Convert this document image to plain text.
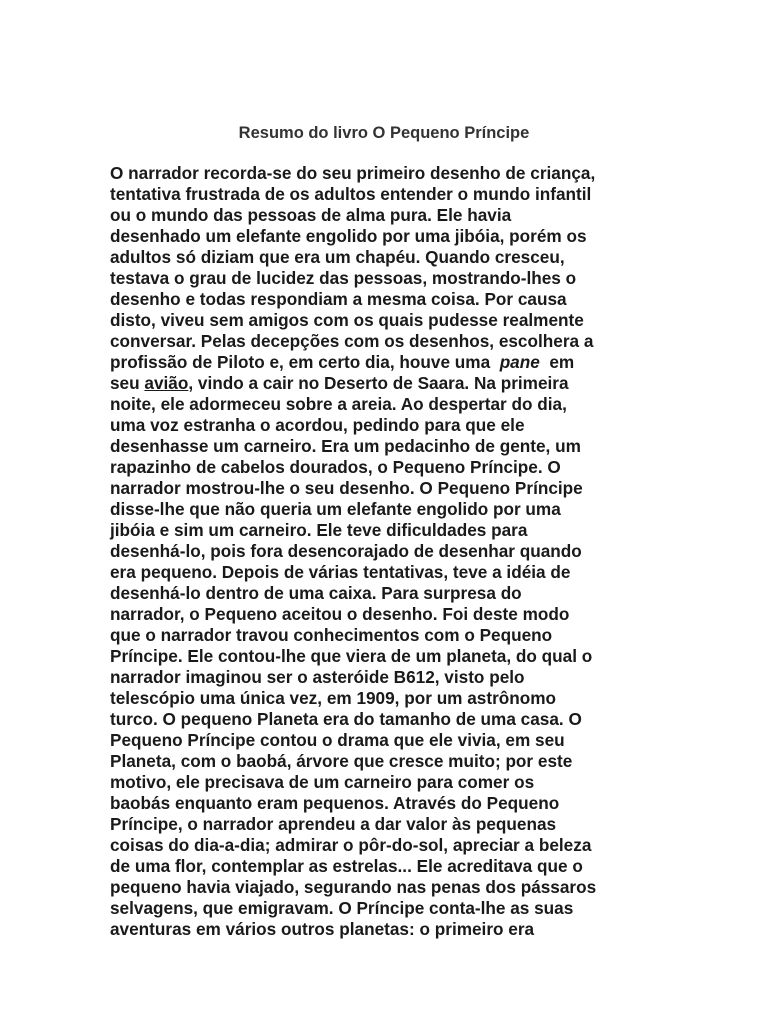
Resumo do livro O Pequeno Príncipe
O narrador recorda-se do seu primeiro desenho de criança,
tentativa frustrada de os adultos entender o mundo infantil
ou o mundo das pessoas de alma pura. Ele havia
desenhado um elefante engolido por uma jibóia, porém os
adultos só diziam que era um chapéu. Quando cresceu,
testava o grau de lucidez das pessoas, mostrando-lhes o
desenho e todas respondiam a mesma coisa. Por causa
disto, viveu sem amigos com os quais pudesse realmente
conversar. Pelas decepções com os desenhos, escolhera a
profissão de Piloto e, em certo dia, houve uma  pane  em
seu avião, vindo a cair no Deserto de Saara. Na primeira
noite, ele adormeceu sobre a areia. Ao despertar do dia,
uma voz estranha o acordou, pedindo para que ele
desenhasse um carneiro. Era um pedacinho de gente, um
rapazinho de cabelos dourados, o Pequeno Príncipe. O
narrador mostrou-lhe o seu desenho. O Pequeno Príncipe
disse-lhe que não queria um elefante engolido por uma
jibóia e sim um carneiro. Ele teve dificuldades para
desenhá-lo, pois fora desencorajado de desenhar quando
era pequeno. Depois de várias tentativas, teve a idéia de
desenhá-lo dentro de uma caixa. Para surpresa do
narrador, o Pequeno aceitou o desenho. Foi deste modo
que o narrador travou conhecimentos com o Pequeno
Príncipe. Ele contou-lhe que viera de um planeta, do qual o
narrador imaginou ser o asteróide B612, visto pelo
telescópio uma única vez, em 1909, por um astrônomo
turco. O pequeno Planeta era do tamanho de uma casa. O
Pequeno Príncipe contou o drama que ele vivia, em seu
Planeta, com o baobá, árvore que cresce muito; por este
motivo, ele precisava de um carneiro para comer os
baobás enquanto eram pequenos. Através do Pequeno
Príncipe, o narrador aprendeu a dar valor às pequenas
coisas do dia-a-dia; admirar o pôr-do-sol, apreciar a beleza
de uma flor, contemplar as estrelas... Ele acreditava que o
pequeno havia viajado, segurando nas penas dos pássaros
selvagens, que emigravam. O Príncipe conta-lhe as suas
aventuras em vários outros planetas: o primeiro era
